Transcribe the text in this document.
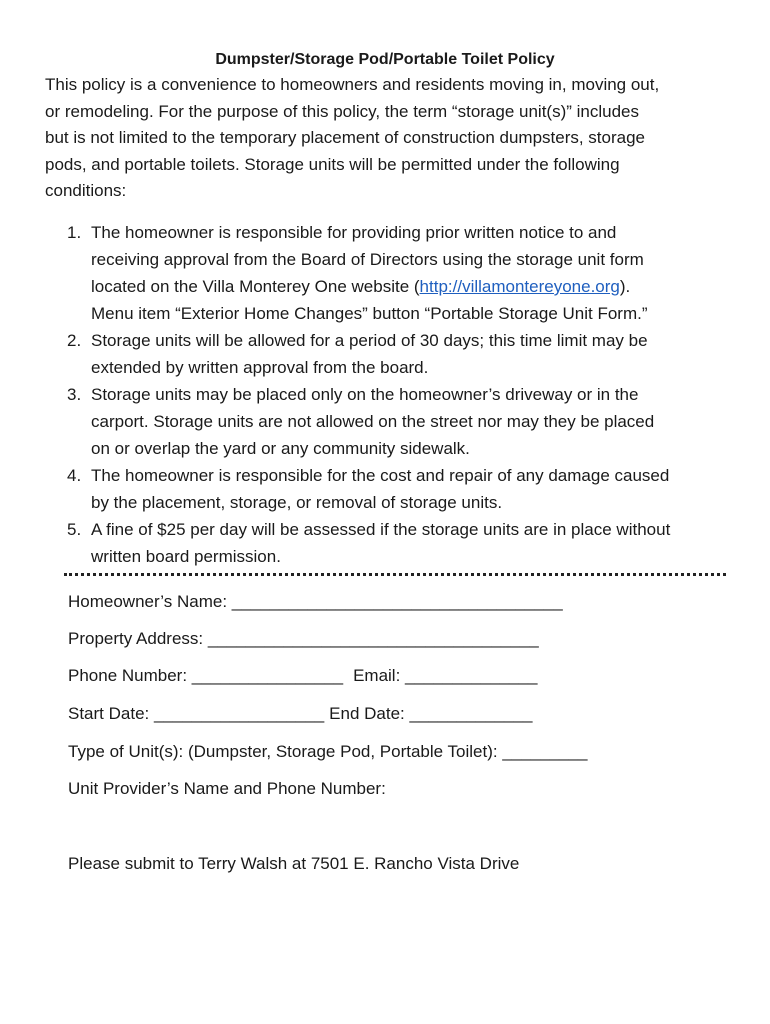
Dumpster/Storage Pod/Portable Toilet Policy
This policy is a convenience to homeowners and residents moving in, moving out,
or remodeling. For the purpose of this policy, the term “storage unit(s)” includes
but is not limited to the temporary placement of construction dumpsters, storage
pods, and portable toilets. Storage units will be permitted under the following
conditions:
1. The homeowner is responsible for providing prior written notice to and
receiving approval from the Board of Directors using the storage unit form
located on the Villa Monterey One website (http://villamontereyone.org).
Menu item “Exterior Home Changes” button “Portable Storage Unit Form.”
2. Storage units will be allowed for a period of 30 days; this time limit may be
extended by written approval from the board.
3. Storage units may be placed only on the homeowner’s driveway or in the
carport. Storage units are not allowed on the street nor may they be placed
on or overlap the yard or any community sidewalk.
4. The homeowner is responsible for the cost and repair of any damage caused
by the placement, storage, or removal of storage units.
5. A fine of $25 per day will be assessed if the storage units are in place without
written board permission.
Homeowner’s Name: ___________________________________
Property Address: ___________________________________
Phone Number: ________________ Email: ______________
Start Date: __________________ End Date: _____________
Type of Unit(s): (Dumpster, Storage Pod, Portable Toilet): _________
Unit Provider’s Name and Phone Number:
Please submit to Terry Walsh at 7501 E. Rancho Vista Drive
